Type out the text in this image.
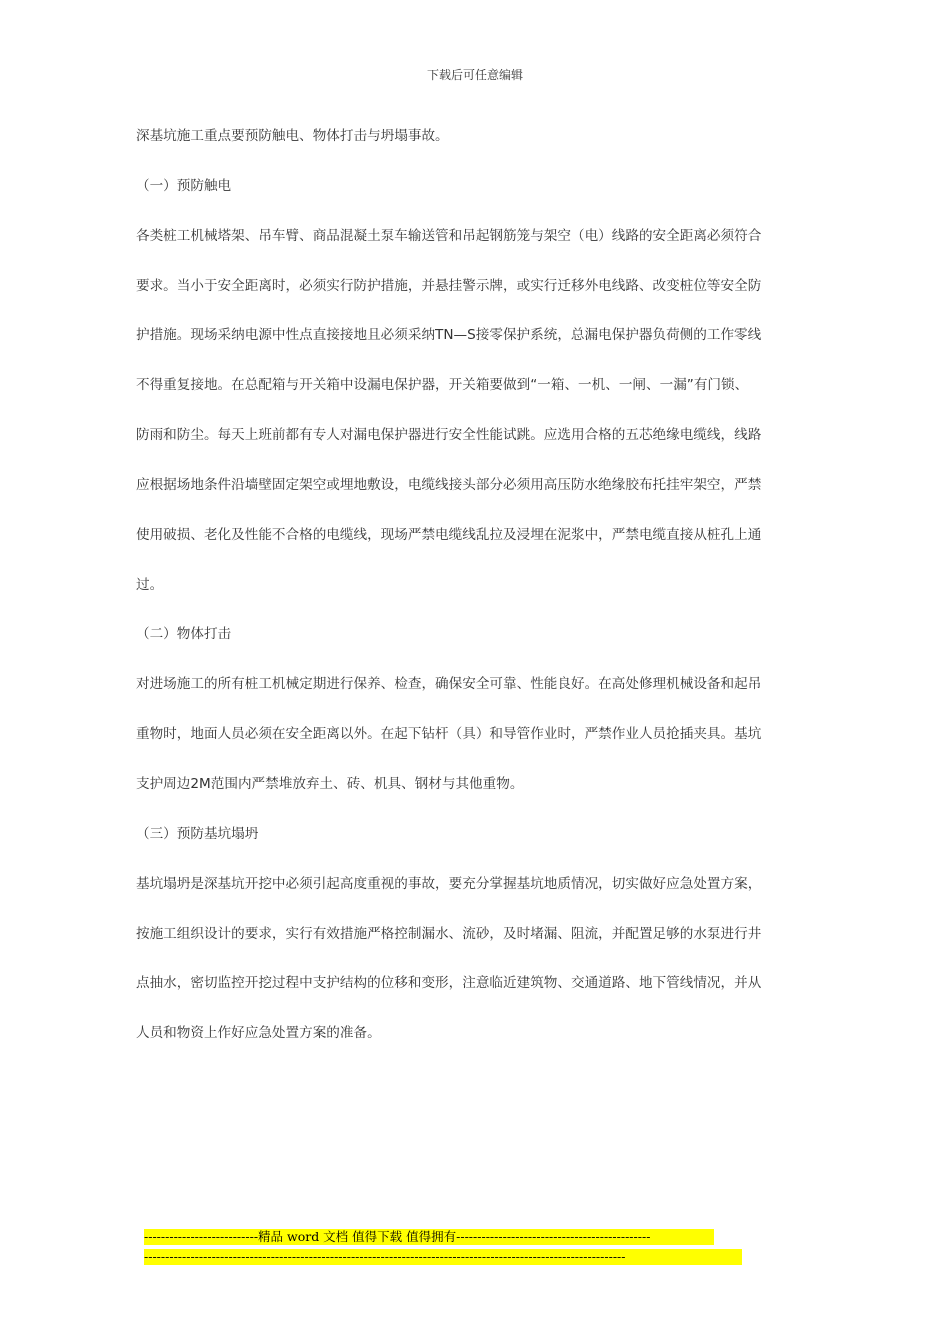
下载后可任意编辑
深基坑施工重点要预防触电、物体打击与坍塌事故。
（一）预防触电
各类桩工机械塔架、吊车臂、商品混凝土泵车输送管和吊起钢筋笼与架空（电）线路的安全距离必须符合
要求。当小于安全距离时，必须实行防护措施，并悬挂警示牌，或实行迁移外电线路、改变桩位等安全防
护措施。现场采纳电源中性点直接接地且必须采纳TN—S接零保护系统，总漏电保护器负荷侧的工作零线
不得重复接地。在总配箱与开关箱中设漏电保护器，开关箱要做到“一箱、一机、一闸、一漏”有门锁、
防雨和防尘。每天上班前都有专人对漏电保护器进行安全性能试跳。应选用合格的五芯绝缘电缆线，线路
应根据场地条件沿墙壁固定架空或埋地敷设，电缆线接头部分必须用高压防水绝缘胶布托挂牢架空，严禁
使用破损、老化及性能不合格的电缆线，现场严禁电缆线乱拉及浸埋在泥浆中，严禁电缆直接从桩孔上通
过。
（二）物体打击
对进场施工的所有桩工机械定期进行保养、检查，确保安全可靠、性能良好。在高处修理机械设备和起吊
重物时，地面人员必须在安全距离以外。在起下钻杆（具）和导管作业时，严禁作业人员抢插夹具。基坑
支护周边2M范围内严禁堆放弃土、砖、机具、钢材与其他重物。
（三）预防基坑塌坍
基坑塌坍是深基坑开挖中必须引起高度重视的事故，要充分掌握基坑地质情况，切实做好应急处置方案，
按施工组织设计的要求，实行有效措施严格控制漏水、流砂，及时堵漏、阻流，并配置足够的水泵进行井
点抽水，密切监控开挖过程中支护结构的位移和变形，注意临近建筑物、交通道路、地下管线情况，并从
人员和物资上作好应急处置方案的准备。
---------------------------精品 word 文档 值得下载 值得拥有----------------------------------------------
------------------------------------------------------------------------------------------------------------------
